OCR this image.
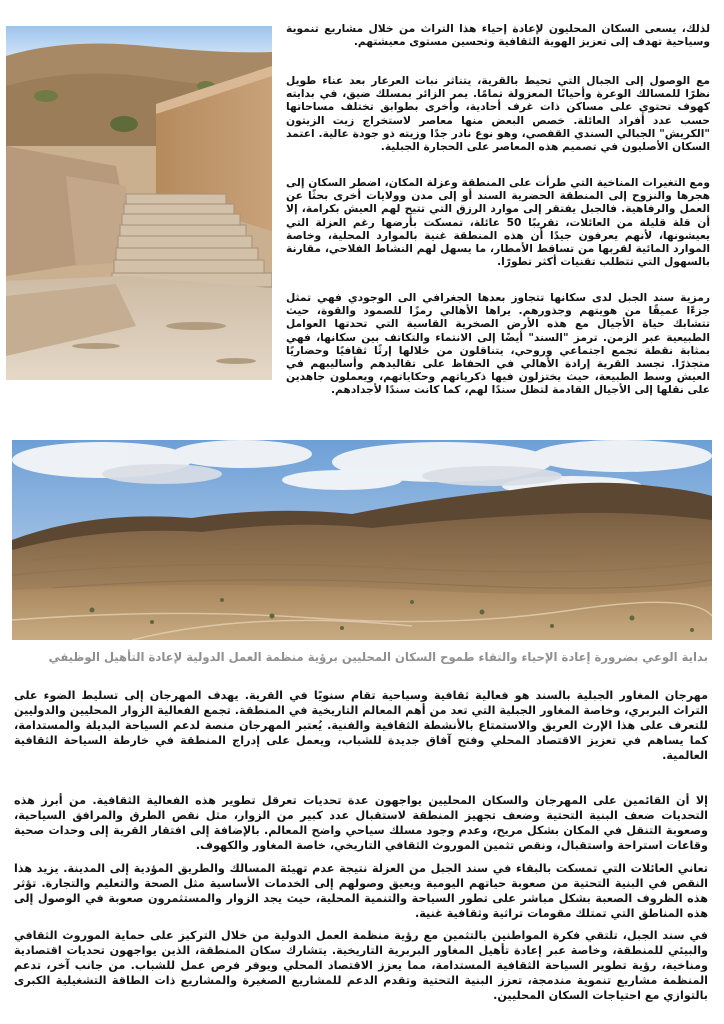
لذلك، يسعى السكان المحليون لإعادة إحياء هذا التراث من خلال مشاريع تنموية وسياحية تهدف إلى تعزيز الهوية الثقافية وتحسين مستوى معيشتهم.

مع الوصول إلى الجبال التي تحيط بالقرية، يتناثر نبات العرعار بعد عناء طويل نظرًا للمسالك الوعرة وأحيانًا المعزولة تمامًا. يمر الزائر بمسلك ضيق، في بدايته كهوف تحتوي على مساكن ذات غرف أحادية، وأخرى بطوابق تختلف مساحاتها حسب عدد أفراد العائلة. خصص البعض منها معاصر لاستخراج زيت الزيتون "الكريش" الجبالي السندي القفصي، وهو نوع نادر جدًا وزيته ذو جودة عالية. اعتمد السكان الأصليون في تصميم هذه المعاصر على الحجارة الجبلية.

ومع التغيرات المناخية التي طرأت على المنطقة وعزلة المكان، اضطر السكان إلى هجرها والنزوح إلى المنطقة الحضرية السند أو إلى مدن وولايات أخرى بحثًا عن العمل والرفاهية. فالجبل يفتقر إلى موارد الرزق التي تتيح لهم العيش بكرامة، إلا أن قلة قليلة من العائلات، تقريبًا 50 عائلة، تمسكت بأرضها رغم العزلة التي يعيشونها، لأنهم يعرفون جيدًا أن هذه المنطقة غنية بالموارد المحلية، وخاصة الموارد المائية لقربها من تساقط الأمطار، ما يسهل لهم النشاط الفلاحي، مقارنة بالسهول التي تتطلب تقنيات أكثر تطورًا.

رمزية سند الجبل لدى سكانها تتجاوز بعدها الجغرافي الى الوجودي فهي تمثل جزءًا عميقًا من هويتهم وجذورهم. يراها الأهالي رمزًا للصمود والقوة، حيث تتشابك حياة الأجيال مع هذه الأرض الصخرية القاسية التي تحدتها العوامل الطبيعية عبر الزمن. ترمز "السند" أيضًا إلى الانتماء والتكاتف بين سكانها، فهي بمثابة نقطة تجمع اجتماعي وروحي، يتناقلون من خلالها إرثًا ثقافيًا وحضاريًا متجذرًا. تجسد القرية إرادة الأهالي في الحفاظ على تقاليدهم وأساليبهم في العيش وسط الطبيعة، حيث يختزلون فيها ذكرياتهم وحكاياتهم، ويعملون جاهدين على نقلها إلى الأجيال القادمة لتظل سندًا لهم، كما كانت سندًا لأجدادهم.

بداية الوعي بضرورة إعادة الإحياء والتقاء طموح السكان المحليين برؤية منظمة العمل الدولية لإعادة التأهيل الوظيفي

مهرجان المغاور الجبلية بالسند هو فعالية ثقافية وسياحية تقام سنويًا في القرية. يهدف المهرجان إلى تسليط الضوء على التراث البربري، وخاصة المغاور الجبلية التي تعد من أهم المعالم التاريخية في المنطقة. تجمع الفعالية الزوار المحليين والدوليين للتعرف على هذا الإرث العريق والاستمتاع بالأنشطة الثقافية والفنية. يُعتبر المهرجان منصة لدعم السياحة البديلة والمستدامة، كما يساهم في تعزيز الاقتصاد المحلي وفتح آفاق جديدة للشباب، ويعمل على إدراج المنطقة في خارطة السياحة الثقافية العالمية.

إلا أن القائمين على المهرجان والسكان المحليين يواجهون عدة تحديات تعرقل تطوير هذه الفعالية الثقافية. من أبرز هذه التحديات ضعف البنية التحتية وضعف تجهيز المنطقة لاستقبال عدد كبير من الزوار، مثل نقص الطرق والمرافق السياحية، وصعوبة التنقل في المكان بشكل مريح، وعدم وجود مسلك سياحي واضح المعالم. بالإضافة إلى افتقار القرية إلى وحدات صحية وقاعات استراحة واستقبال، ونقص تثمين الموروث الثقافي التاريخي، خاصة المغاور والكهوف.

تعاني العائلات التي تمسكت بالبقاء في سند الجبل من العزلة نتيجة عدم تهيئة المسالك والطريق المؤدية إلى المدينة. يزيد هذا النقص في البنية التحتية من صعوبة حياتهم اليومية ويعيق وصولهم إلى الخدمات الأساسية مثل الصحة والتعليم والتجارة. تؤثر هذه الظروف الصعبة بشكل مباشر على تطور السياحة والتنمية المحلية، حيث يجد الزوار والمستثمرون صعوبة في الوصول إلى هذه المناطق التي تمتلك مقومات تراثية وثقافية غنية.

في سند الجبل، تلتقي فكرة المواطنين بالتثمين مع رؤية منظمة العمل الدولية من خلال التركيز على حماية الموروث الثقافي والبيئي للمنطقة، وخاصة عبر إعادة تأهيل المغاور البربرية التاريخية. يتشارك سكان المنطقة، الذين يواجهون تحديات اقتصادية ومناخية، رؤية تطوير السياحة الثقافية المستدامة، مما يعزز الاقتصاد المحلي ويوفر فرص عمل للشباب. من جانب آخر، تدعم المنظمة مشاريع تنموية مندمجة، تعزز البنية التحتية وتقدم الدعم للمشاريع الصغيرة والمشاريع ذات الطاقة التشغيلية الكبرى بالتوازي مع احتياجات السكان المحليين.
